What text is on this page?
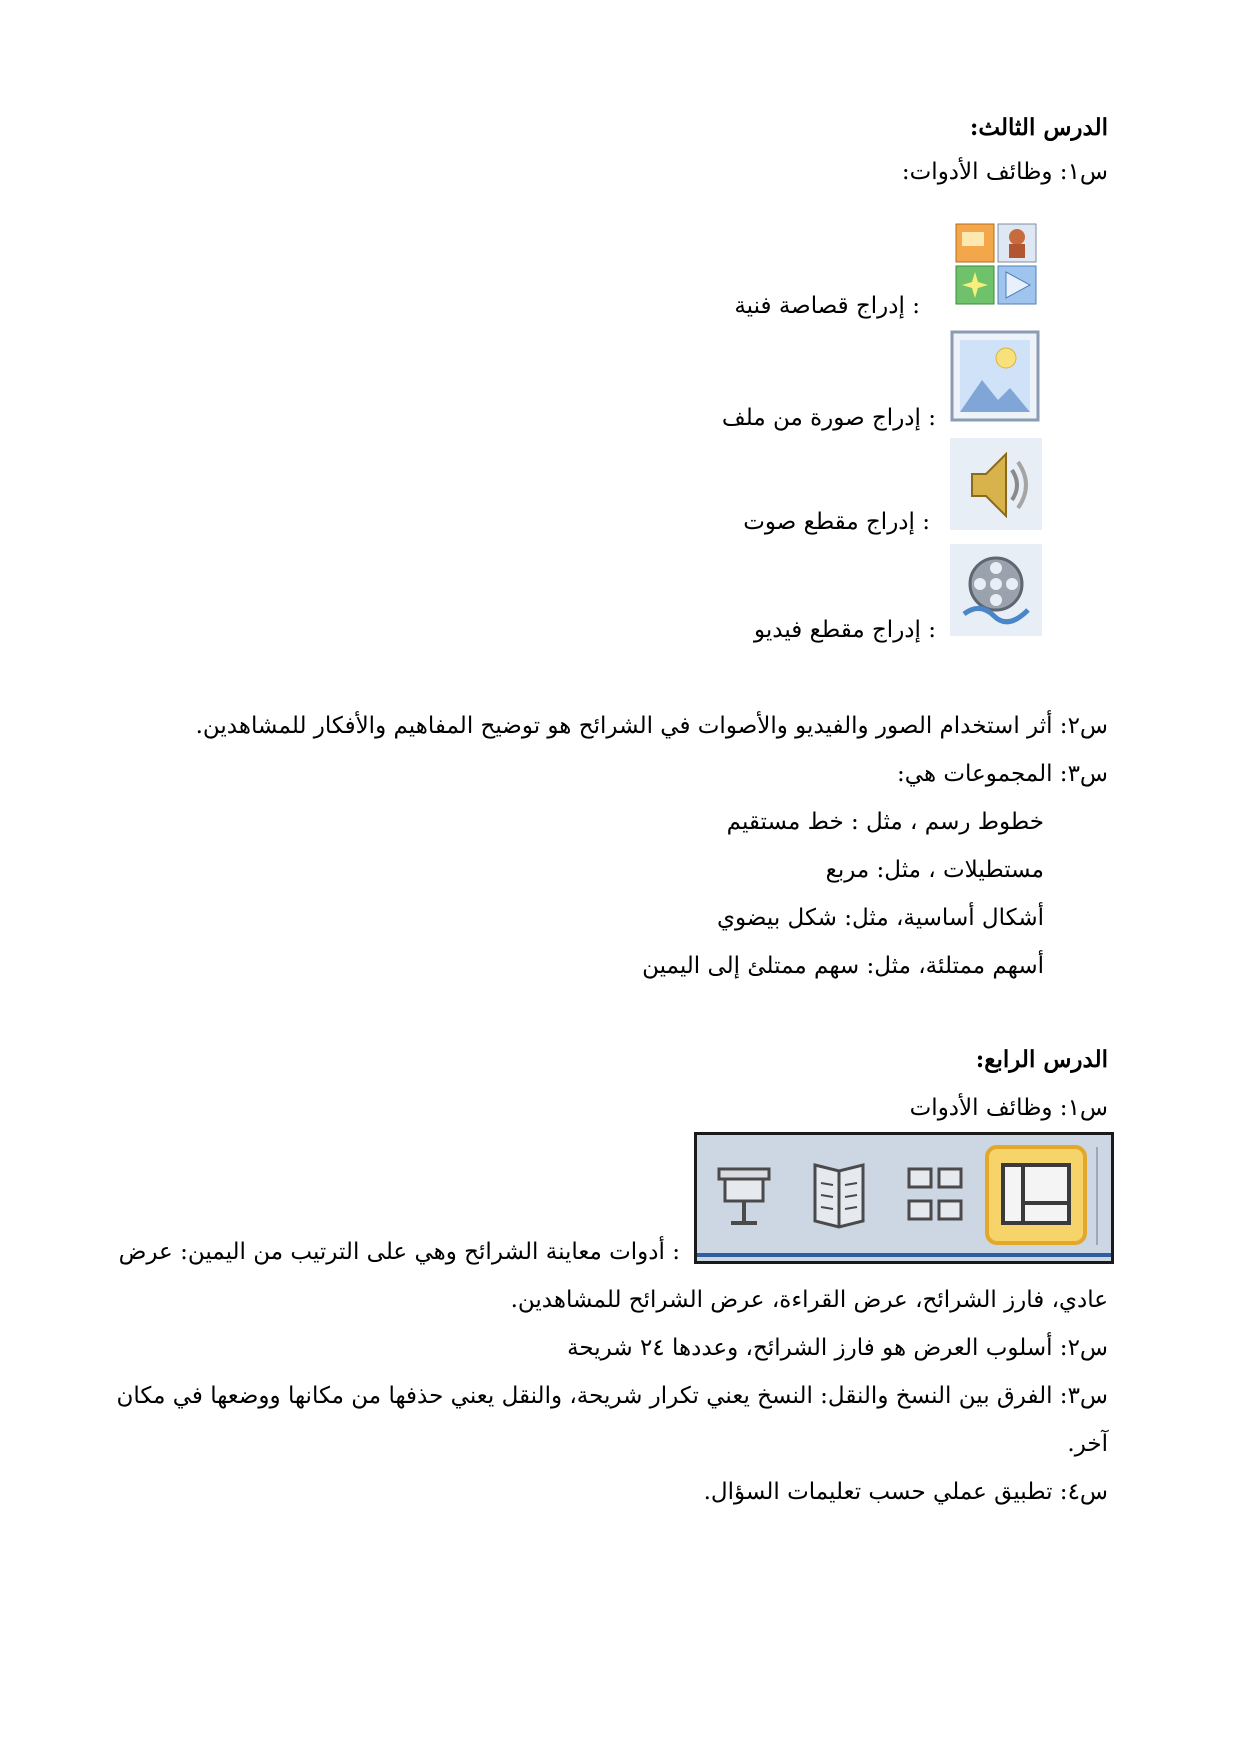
الدرس الثالث:
س١: وظائف الأدوات:
: إدراج قصاصة فنية
: إدراج صورة من ملف
: إدراج مقطع صوت
: إدراج مقطع فيديو
س٢: أثر استخدام الصور والفيديو والأصوات في الشرائح هو توضيح المفاهيم والأفكار للمشاهدين.
س٣: المجموعات هي:
خطوط رسم ، مثل : خط مستقيم
مستطيلات ، مثل: مربع
أشكال أساسية، مثل: شكل بيضوي
أسهم ممتلئة، مثل: سهم ممتلئ إلى اليمين
الدرس الرابع:
س١: وظائف الأدوات
: أدوات معاينة الشرائح وهي على الترتيب من اليمين: عرض
عادي، فارز الشرائح، عرض القراءة، عرض الشرائح للمشاهدين.
س٢: أسلوب العرض هو فارز الشرائح، وعددها ٢٤ شريحة
س٣: الفرق بين النسخ والنقل: النسخ يعني تكرار شريحة، والنقل يعني حذفها من مكانها ووضعها في مكان
آخر.
س٤: تطبيق عملي حسب تعليمات السؤال.
